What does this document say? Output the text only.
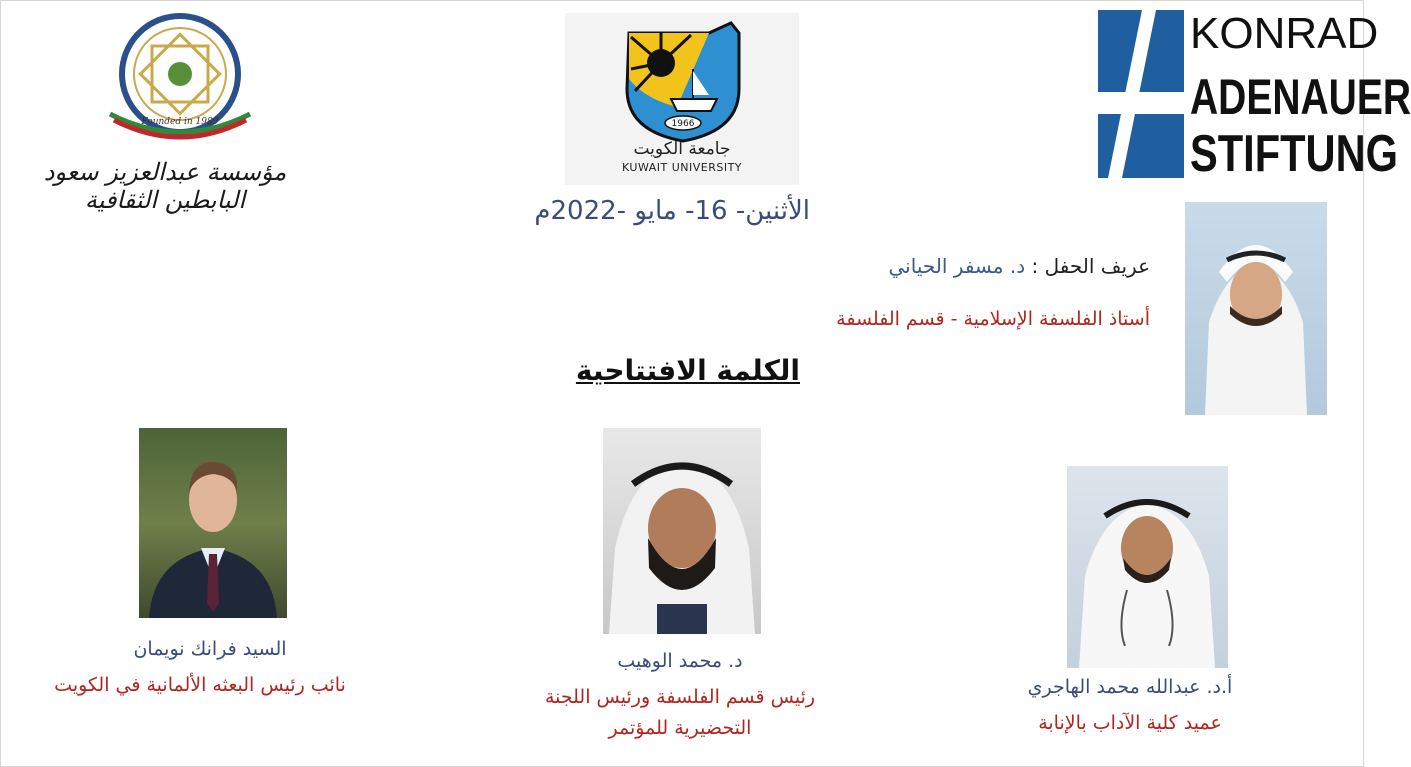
Founded in 1989
مؤسسة عبدالعزيز سعود البابطين الثقافية
1966
جامعة الكويت
KUWAIT UNIVERSITY
KONRAD
ADENAUER
STIFTUNG
الأثنين- 16- مايو -2022م
عريف الحفل : د. مسفر الحياني
أستاذ الفلسفة الإسلامية - قسم الفلسفة
الكلمة الافتتاحية
السيد فرانك نويمان
نائب رئيس البعثه الألمانية في الكويت
د. محمد الوهيب
رئيس قسم الفلسفة ورئيس اللجنة
التحضيرية للمؤتمر
أ.د. عبدالله محمد الهاجري
عميد كلية الآداب بالإنابة
